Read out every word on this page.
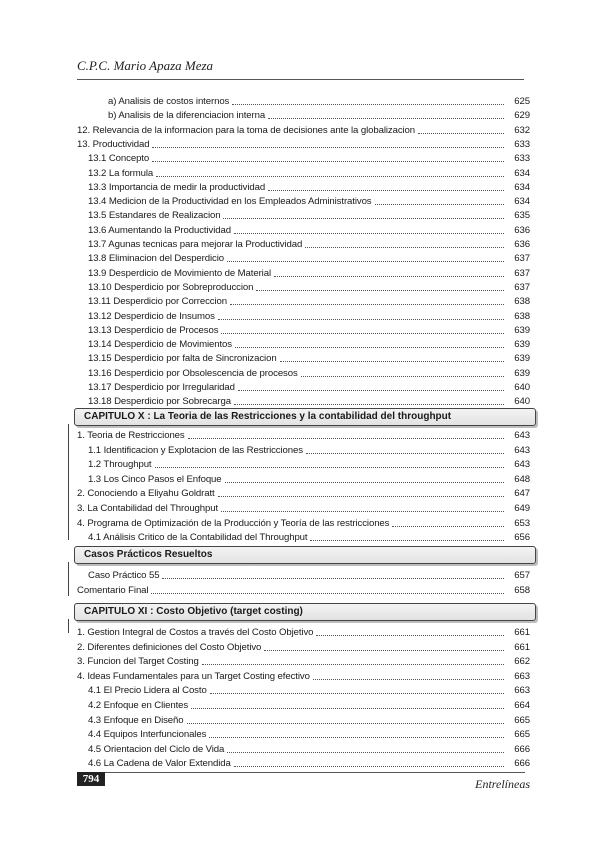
C.P.C. Mario Apaza Meza
a) Analisis de costos internos	625
b) Analisis de la diferenciacion interna	629
12. Relevancia de la informacion para la toma de decisiones ante la globalizacion	632
13. Productividad	633
13.1 Concepto	633
13.2 La formula	634
13.3 Importancia de medir la productividad	634
13.4 Medicion de la Productividad en los Empleados Administrativos	634
13.5 Estandares de Realizacion	635
13.6 Aumentando la Productividad	636
13.7 Agunas tecnicas para mejorar la Productividad	636
13.8 Eliminacion del Desperdicio	637
13.9 Desperdicio de Movimiento de Material	637
13.10 Desperdicio por Sobreproduccion	637
13.11 Desperdicio por Correccion	638
13.12 Desperdicio de Insumos	638
13.13 Desperdicio de Procesos	639
13.14 Desperdicio de Movimientos	639
13.15 Desperdicio por falta de Sincronizacion	639
13.16 Desperdicio por Obsolescencia de procesos	639
13.17 Desperdicio por Irregularidad	640
13.18 Desperdicio por Sobrecarga	640
CAPITULO X : La Teoria de las Restricciones y la contabilidad del throughput
1. Teoria de Restricciones	643
1.1 Identificacion y Explotacion de las Restricciones	643
1.2 Throughput	643
1.3 Los Cinco Pasos el Enfoque	648
2. Conociendo a Eliyahu Goldratt	647
3. La Contabilidad del Throughput	649
4. Programa de Optimización de la Producción y Teoría de las restricciones	653
4.1 Análisis Critico de la Contabilidad del Throughput	656
Casos Prácticos Resueltos
Caso Práctico 55	657
Comentario Final	658
CAPITULO XI : Costo Objetivo (target costing)
1. Gestion Integral de Costos a través del Costo Objetivo	661
2. Diferentes definiciones del Costo Objetivo	661
3. Funcion del Target Costing	662
4. Ideas Fundamentales para un Target Costing efectivo	663
4.1 El Precio Lidera al Costo	663
4.2 Enfoque en Clientes	664
4.3 Enfoque en Diseño	665
4.4 Equipos Interfuncionales	665
4.5 Orientacion del Ciclo de Vida	666
4.6 La Cadena de Valor Extendida	666
794	Entrelíneas
